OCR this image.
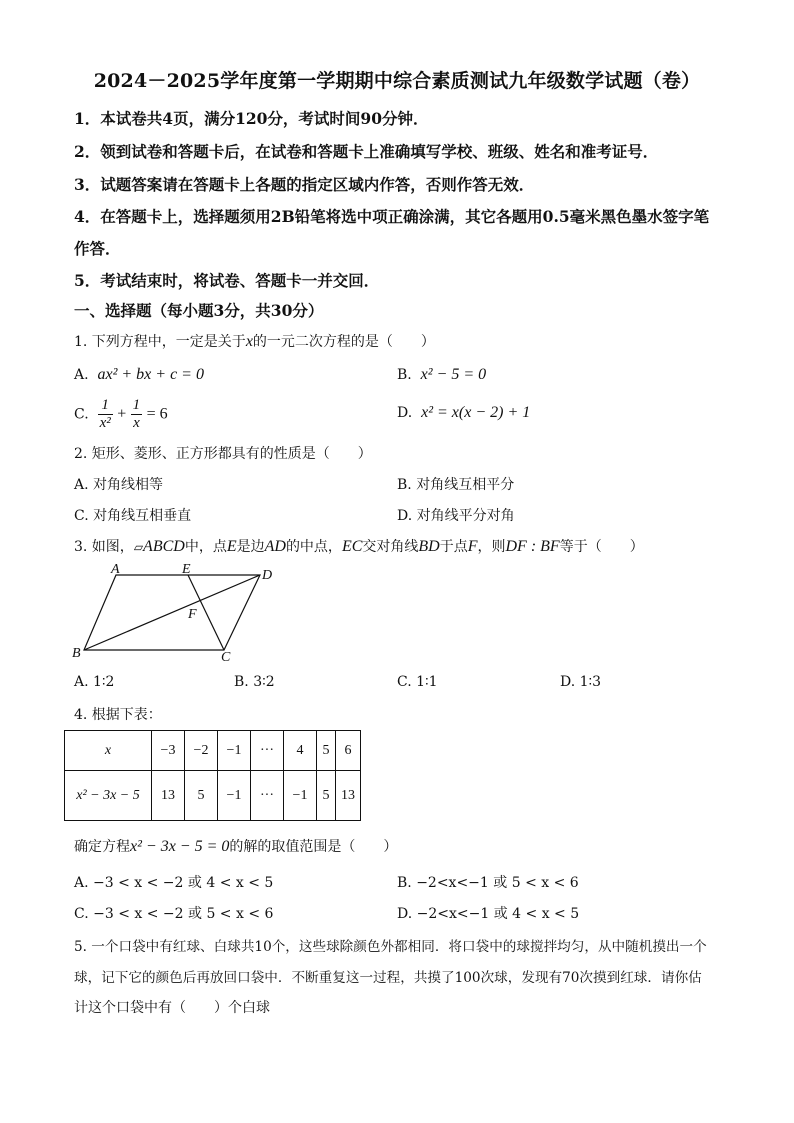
2024－2025学年度第一学期期中综合素质测试九年级数学试题（卷）
1．本试卷共4页，满分120分，考试时间90分钟．
2．领到试卷和答题卡后，在试卷和答题卡上准确填写学校、班级、姓名和准考证号．
3．试题答案请在答题卡上各题的指定区域内作答，否则作答无效．
4．在答题卡上，选择题须用2B铅笔将选中项正确涂满，其它各题用0.5毫米黑色墨水签字笔
作答．
5．考试结束时，将试卷、答题卡一并交回．
一、选择题（每小题3分，共30分）
1. 下列方程中，一定是关于x的一元二次方程的是（　　）
A. ax² + bx + c = 0	B. x² − 5 = 0
C. $\frac{1}{\text{x²}} + \frac{1}{x} = 6$	D. x² = x(x − 2) + 1
2. 矩形、菱形、正方形都具有的性质是（　　）
A. 对角线相等	B. 对角线互相平分
C. 对角线互相垂直	D. 对角线平分对角
3. 如图，▱ABCD中，点E是边AD的中点，EC交对角线BD于点F，则DF : BF等于（　　）
A	E	D
F
B	C
A. 1∶2	B. 3∶2	C. 1∶1	D. 1∶3
4. 根据下表：
x	−3	−2	−1	···	4	5	6
x² − 3x − 5	13	5	−1	···	−1	5	13
确定方程x² − 3x − 5 = 0的解的取值范围是（　　）
A. −3 < x < −2 或 4 < x < 5	B. −2<x<−1 或 5 < x < 6
C. −3 < x < −2 或 5 < x < 6	D. −2<x<−1 或 4 < x < 5
5. 一个口袋中有红球、白球共10个，这些球除颜色外都相同．将口袋中的球搅拌均匀，从中随机摸出一个
球，记下它的颜色后再放回口袋中．不断重复这一过程，共摸了100次球，发现有70次摸到红球．请你估
计这个口袋中有（　　）个白球
